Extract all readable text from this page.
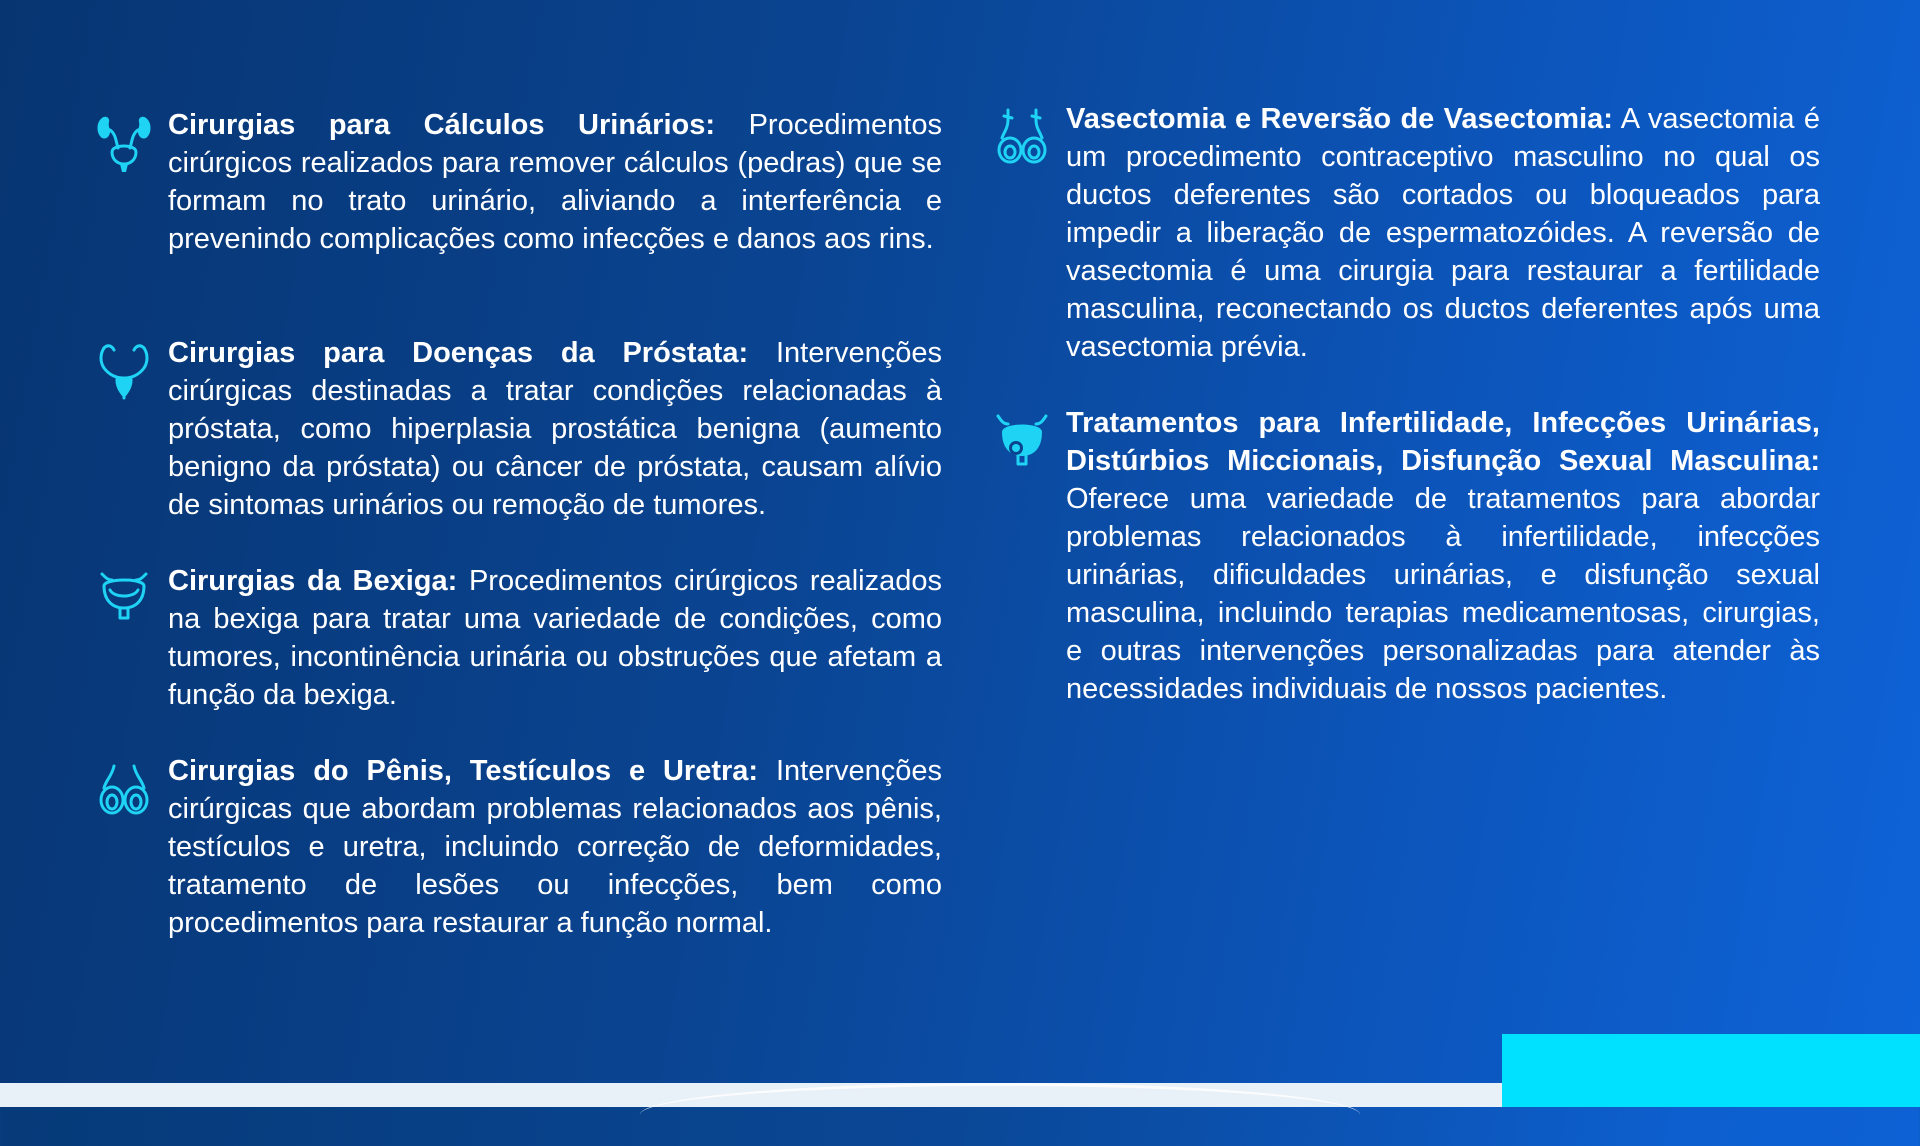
Cirurgias para Cálculos Urinários: Procedimentos cirúrgicos realizados para remover cálculos (pedras) que se formam no trato urinário, aliviando a interferência e prevenindo complicações como infecções e danos aos rins.

Cirurgias para Doenças da Próstata: Intervenções cirúrgicas destinadas a tratar condições relacionadas à próstata, como hiperplasia prostática benigna (aumento benigno da próstata) ou câncer de próstata, causam alívio de sintomas urinários ou remoção de tumores.

Cirurgias da Bexiga: Procedimentos cirúrgicos realizados na bexiga para tratar uma variedade de condições, como tumores, incontinência urinária ou obstruções que afetam a função da bexiga.

Cirurgias do Pênis, Testículos e Uretra: Intervenções cirúrgicas que abordam problemas relacionados aos pênis, testículos e uretra, incluindo correção de deformidades, tratamento de lesões ou infecções, bem como procedimentos para restaurar a função normal.

Vasectomia e Reversão de Vasectomia: A vasectomia é um procedimento contraceptivo masculino no qual os ductos deferentes são cortados ou bloqueados para impedir a liberação de espermatozóides. A reversão de vasectomia é uma cirurgia para restaurar a fertilidade masculina, reconectando os ductos deferentes após uma vasectomia prévia.

Tratamentos para Infertilidade, Infecções Urinárias, Distúrbios Miccionais, Disfunção Sexual Masculina: Oferece uma variedade de tratamentos para abordar problemas relacionados à infertilidade, infecções urinárias, dificuldades urinárias, e disfunção sexual masculina, incluindo terapias medicamentosas, cirurgias, e outras intervenções personalizadas para atender às necessidades individuais de nossos pacientes.
